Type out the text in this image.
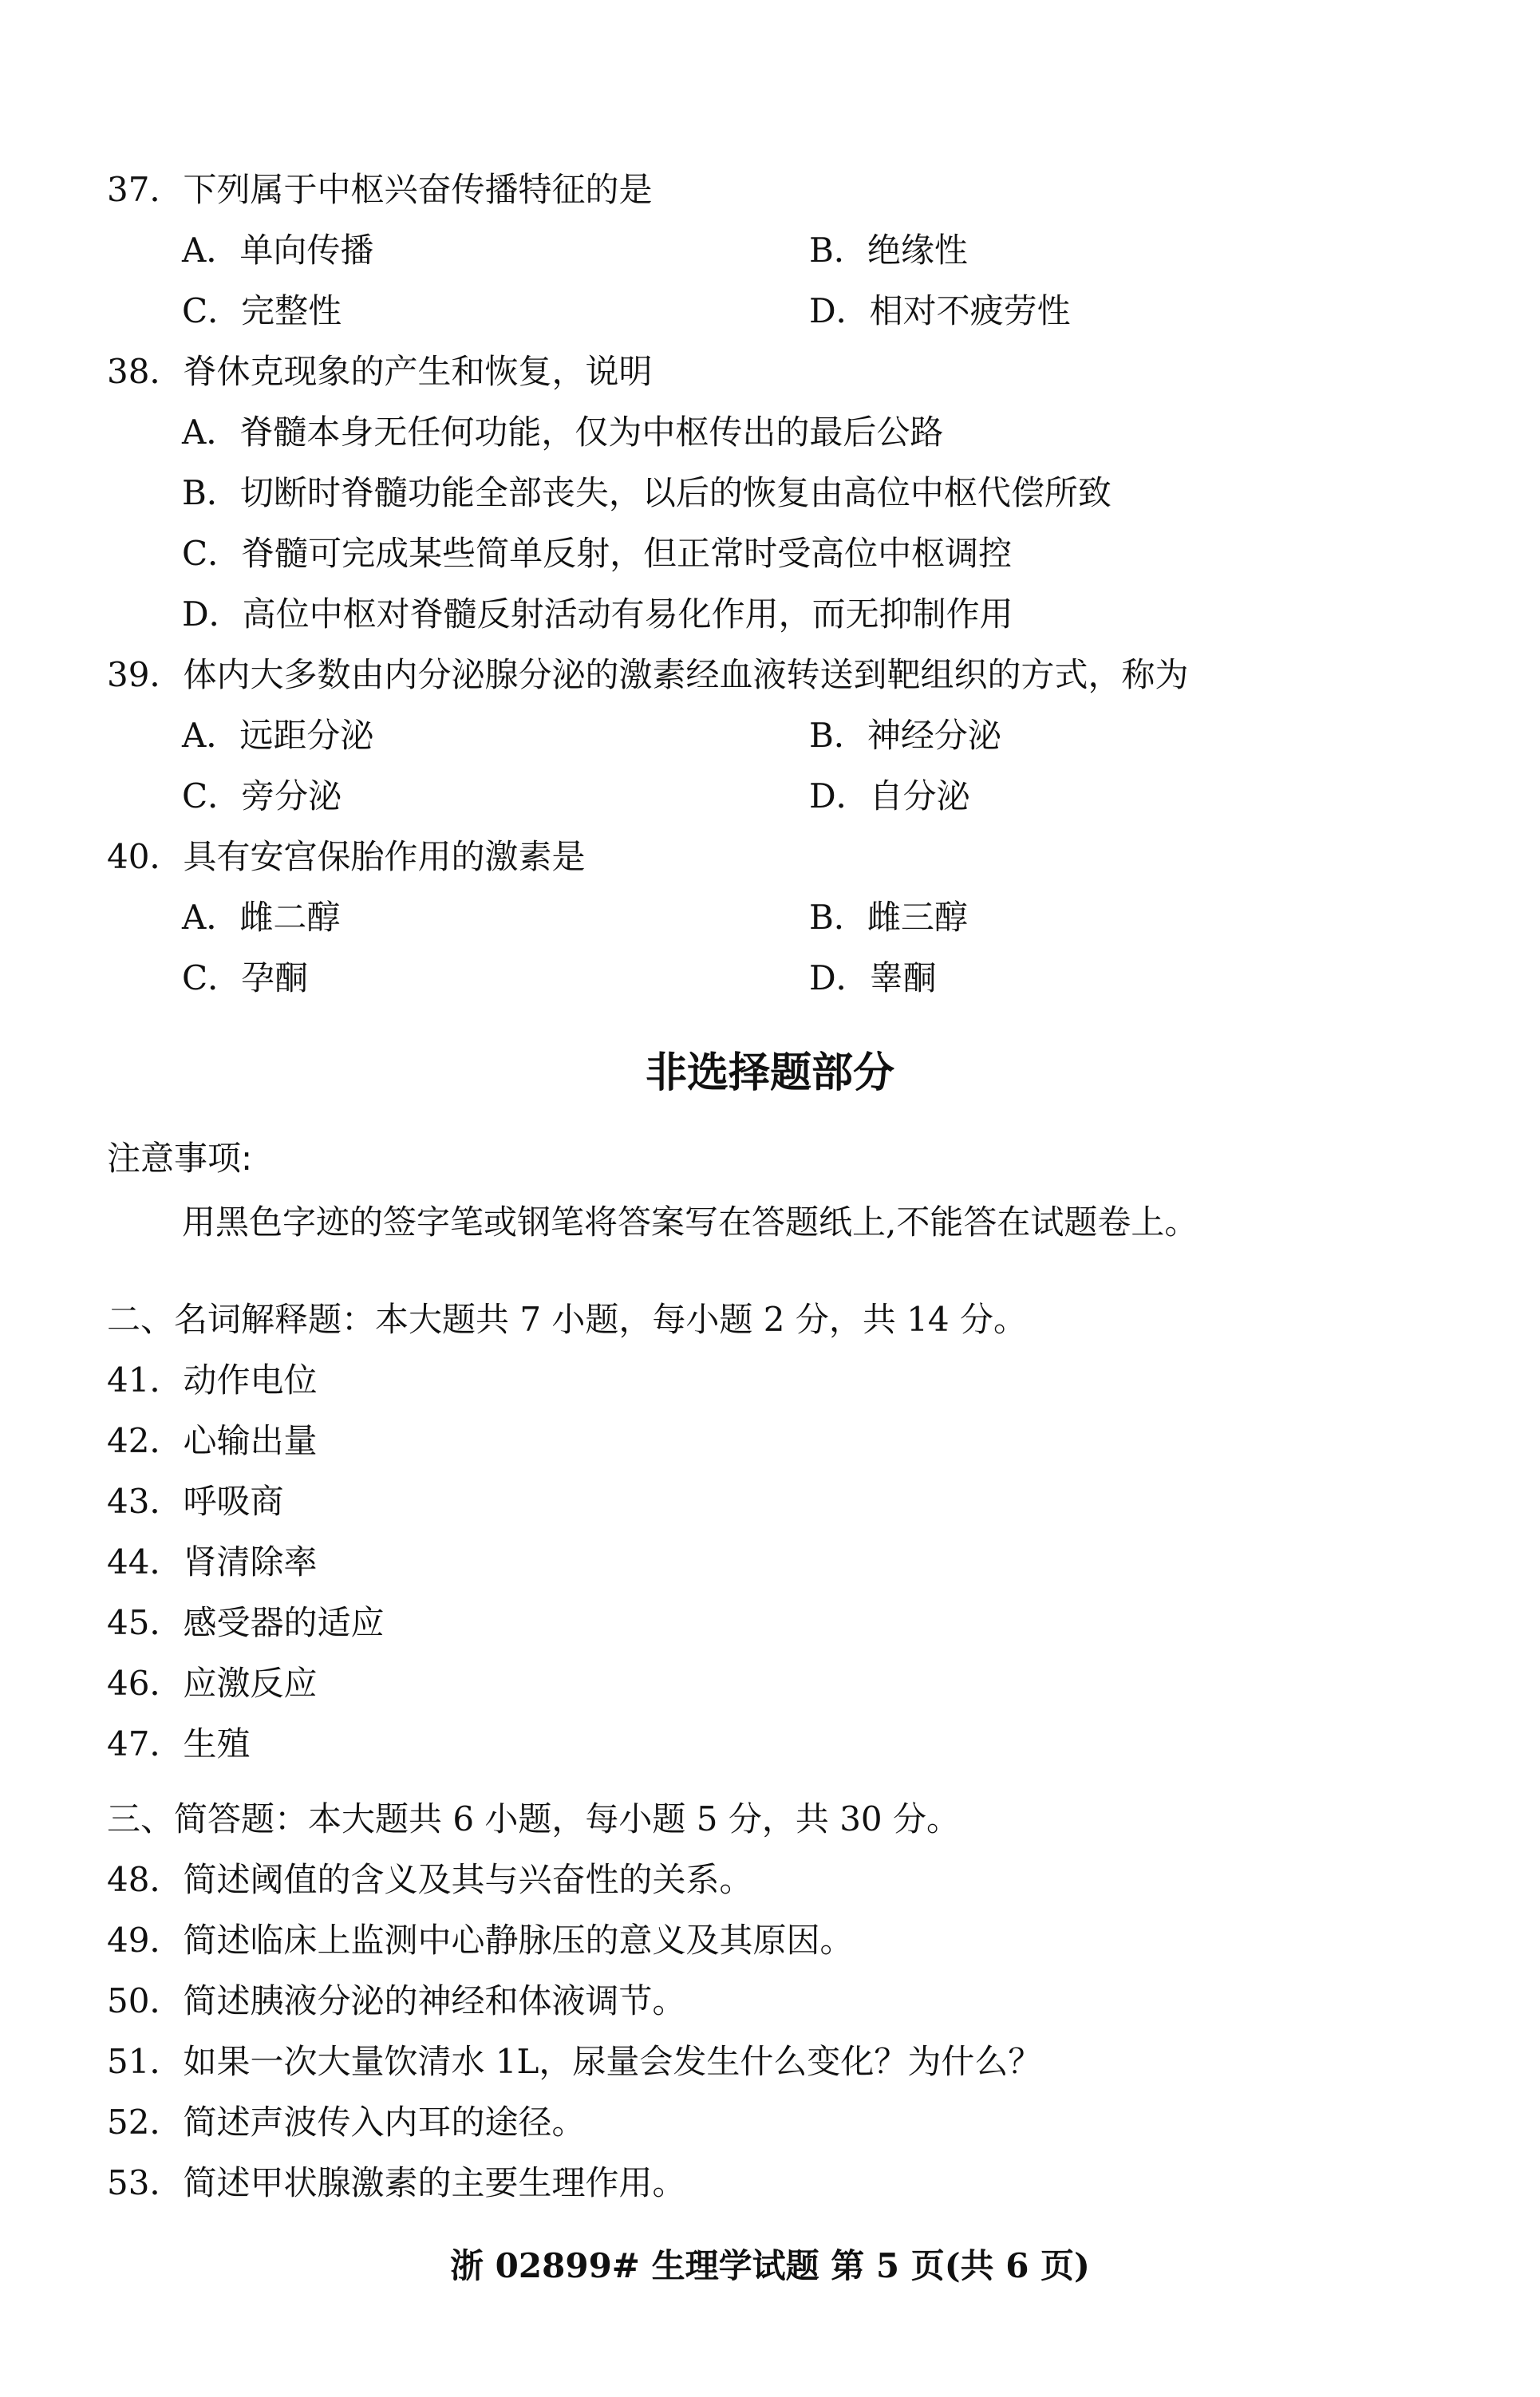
37．下列属于中枢兴奋传播特征的是
A．单向传播	B．绝缘性
C．完整性	D．相对不疲劳性
38．脊休克现象的产生和恢复，说明
A．脊髓本身无任何功能，仅为中枢传出的最后公路
B．切断时脊髓功能全部丧失，以后的恢复由高位中枢代偿所致
C．脊髓可完成某些简单反射，但正常时受高位中枢调控
D．高位中枢对脊髓反射活动有易化作用，而无抑制作用
39．体内大多数由内分泌腺分泌的激素经血液转送到靶组织的方式，称为
A．远距分泌	B．神经分泌
C．旁分泌	D．自分泌
40．具有安宫保胎作用的激素是
A．雌二醇	B．雌三醇
C．孕酮	D．睾酮
非选择题部分
注意事项:
用黑色字迹的签字笔或钢笔将答案写在答题纸上,不能答在试题卷上。
二、名词解释题：本大题共 7 小题，每小题 2 分，共 14 分。
41．动作电位
42．心输出量
43．呼吸商
44．肾清除率
45．感受器的适应
46．应激反应
47．生殖
三、简答题：本大题共 6 小题，每小题 5 分，共 30 分。
48．简述阈值的含义及其与兴奋性的关系。
49．简述临床上监测中心静脉压的意义及其原因。
50．简述胰液分泌的神经和体液调节。
51．如果一次大量饮清水 1L，尿量会发生什么变化？为什么？
52．简述声波传入内耳的途径。
53．简述甲状腺激素的主要生理作用。
浙 02899# 生理学试题 第 5 页(共 6 页)
